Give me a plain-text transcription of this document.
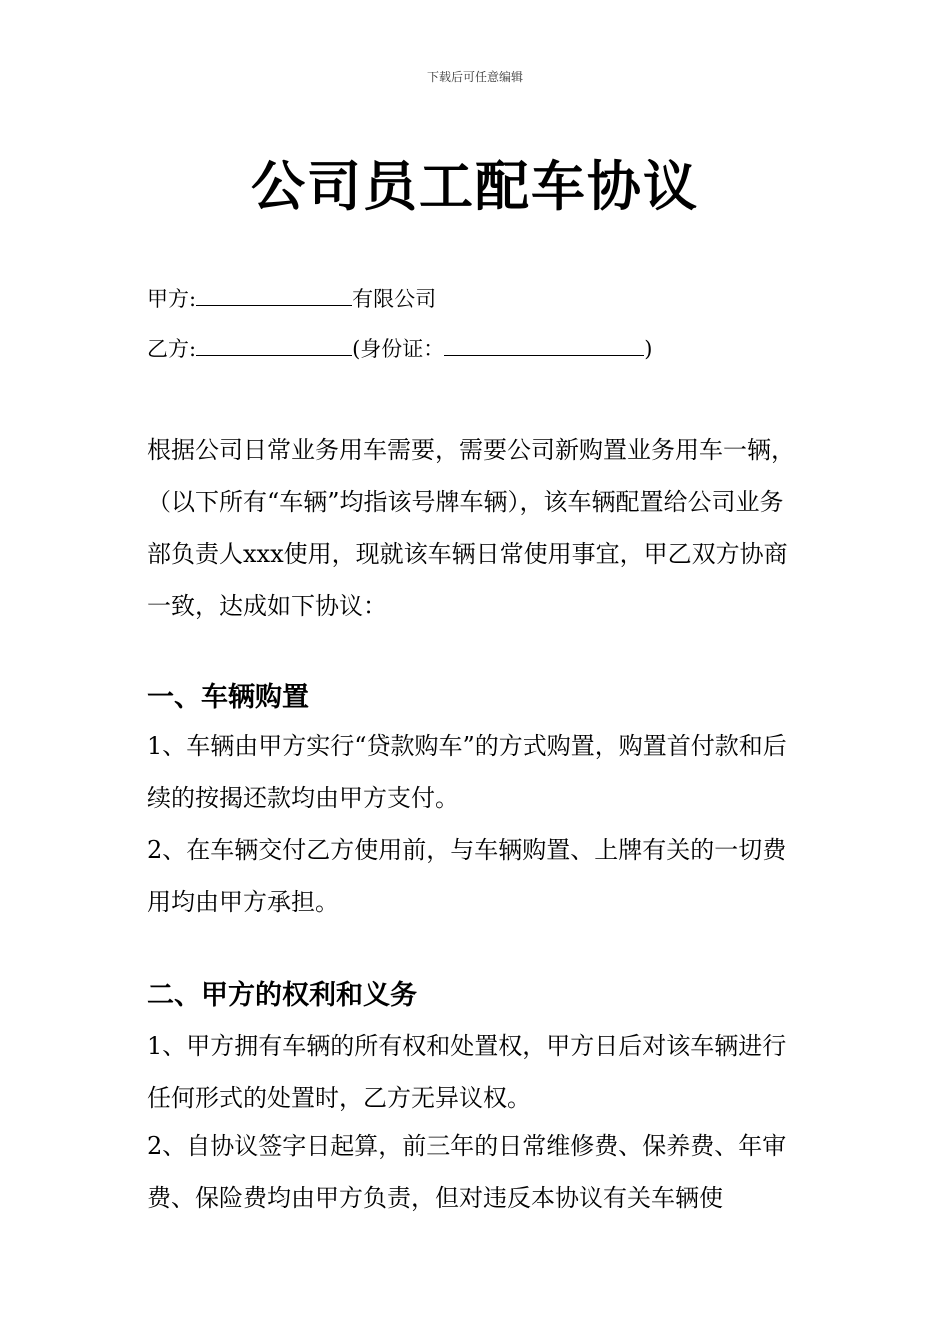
下载后可任意编辑
公司员工配车协议
甲方:	有限公司
乙方:	(身份证：	)
根据公司日常业务用车需要，需要公司新购置业务用车一辆，（以下所有“车辆”均指该号牌车辆），该车辆配置给公司业务部负责人xxx使用，现就该车辆日常使用事宜，甲乙双方协商一致，达成如下协议：
一、车辆购置
1、车辆由甲方实行“贷款购车”的方式购置，购置首付款和后续的按揭还款均由甲方支付。
2、在车辆交付乙方使用前，与车辆购置、上牌有关的一切费用均由甲方承担。
二、甲方的权利和义务
1、甲方拥有车辆的所有权和处置权，甲方日后对该车辆进行任何形式的处置时，乙方无异议权。
2、自协议签字日起算，前三年的日常维修费、保养费、年审费、保险费均由甲方负责，但对违反本协议有关车辆使
